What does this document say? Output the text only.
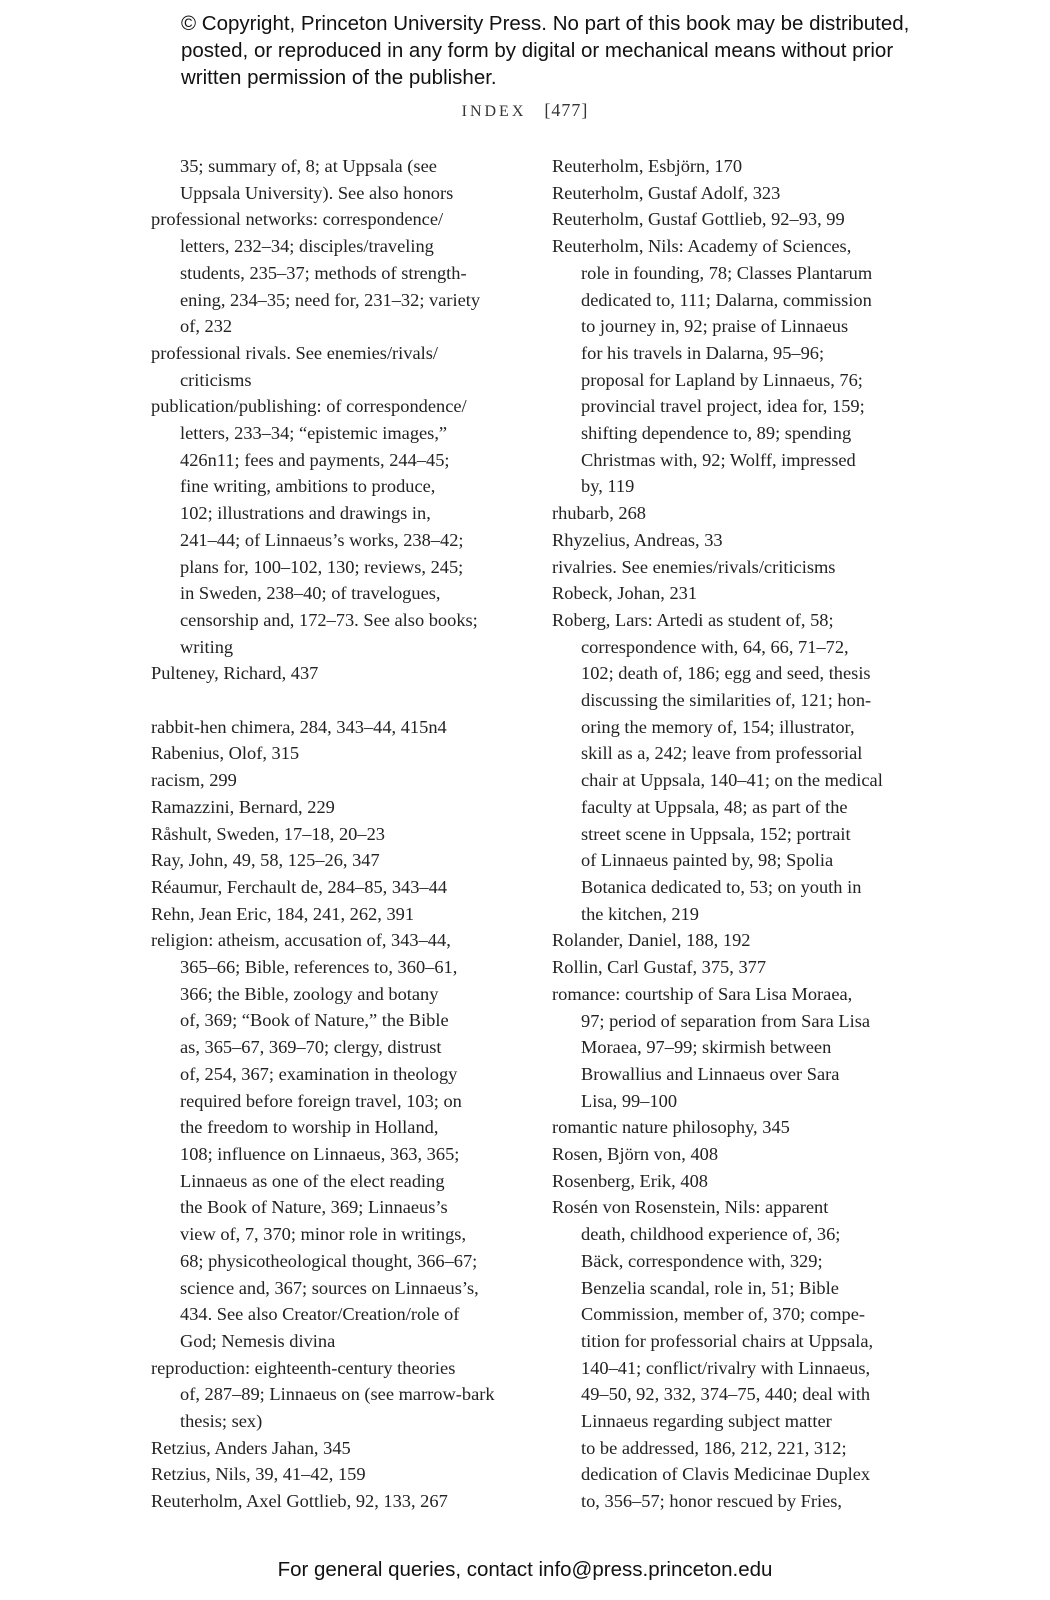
© Copyright, Princeton University Press. No part of this book may be distributed, posted, or reproduced in any form by digital or mechanical means without prior written permission of the publisher.
INDEX [477]

35; summary of, 8; at Uppsala (see
Uppsala University). See also honors

professional networks: correspondence/
letters, 232–34; disciples/traveling
students, 235–37; methods of strength-
ening, 234–35; need for, 231–32; variety
of, 232

professional rivals. See enemies/rivals/
criticisms

publication/publishing: of correspondence/
letters, 233–34; “epistemic images,”
426n11; fees and payments, 244–45;
fine writing, ambitions to produce,
102; illustrations and drawings in,
241–44; of Linnaeus’s works, 238–42;
plans for, 100–102, 130; reviews, 245;
in Sweden, 238–40; of travelogues,
censorship and, 172–73. See also books;
writing

Pulteney, Richard, 437

rabbit-hen chimera, 284, 343–44, 415n4

Rabenius, Olof, 315

racism, 299

Ramazzini, Bernard, 229

Råshult, Sweden, 17–18, 20–23

Ray, John, 49, 58, 125–26, 347

Réaumur, Ferchault de, 284–85, 343–44

Rehn, Jean Eric, 184, 241, 262, 391

religion: atheism, accusation of, 343–44,
365–66; Bible, references to, 360–61,
366; the Bible, zoology and botany
of, 369; “Book of Nature,” the Bible
as, 365–67, 369–70; clergy, distrust
of, 254, 367; examination in theology
required before foreign travel, 103; on
the freedom to worship in Holland,
108; influence on Linnaeus, 363, 365;
Linnaeus as one of the elect reading
the Book of Nature, 369; Linnaeus’s
view of, 7, 370; minor role in writings,
68; physicotheological thought, 366–67;
science and, 367; sources on Linnaeus’s,
434. See also Creator/Creation/role of
God; Nemesis divina

reproduction: eighteenth-century theories
of, 287–89; Linnaeus on (see marrow-bark
thesis; sex)

Retzius, Anders Jahan, 345

Retzius, Nils, 39, 41–42, 159

Reuterholm, Axel Gottlieb, 92, 133, 267

Reuterholm, Esbjörn, 170

Reuterholm, Gustaf Adolf, 323

Reuterholm, Gustaf Gottlieb, 92–93, 99

Reuterholm, Nils: Academy of Sciences,
role in founding, 78; Classes Plantarum
dedicated to, 111; Dalarna, commission
to journey in, 92; praise of Linnaeus
for his travels in Dalarna, 95–96;
proposal for Lapland by Linnaeus, 76;
provincial travel project, idea for, 159;
shifting dependence to, 89; spending
Christmas with, 92; Wolff, impressed
by, 119

rhubarb, 268

Rhyzelius, Andreas, 33

rivalries. See enemies/rivals/criticisms

Robeck, Johan, 231

Roberg, Lars: Artedi as student of, 58;
correspondence with, 64, 66, 71–72,
102; death of, 186; egg and seed, thesis
discussing the similarities of, 121; hon-
oring the memory of, 154; illustrator,
skill as a, 242; leave from professorial
chair at Uppsala, 140–41; on the medical
faculty at Uppsala, 48; as part of the
street scene in Uppsala, 152; portrait
of Linnaeus painted by, 98; Spolia
Botanica dedicated to, 53; on youth in
the kitchen, 219

Rolander, Daniel, 188, 192

Rollin, Carl Gustaf, 375, 377

romance: courtship of Sara Lisa Moraea,
97; period of separation from Sara Lisa
Moraea, 97–99; skirmish between
Browallius and Linnaeus over Sara
Lisa, 99–100

romantic nature philosophy, 345

Rosen, Björn von, 408

Rosenberg, Erik, 408

Rosén von Rosenstein, Nils: apparent
death, childhood experience of, 36;
Bäck, correspondence with, 329;
Benzelia scandal, role in, 51; Bible
Commission, member of, 370; compe-
tition for professorial chairs at Uppsala,
140–41; conflict/rivalry with Linnaeus,
49–50, 92, 332, 374–75, 440; deal with
Linnaeus regarding subject matter
to be addressed, 186, 212, 221, 312;
dedication of Clavis Medicinae Duplex
to, 356–57; honor rescued by Fries,

For general queries, contact info@press.princeton.edu
